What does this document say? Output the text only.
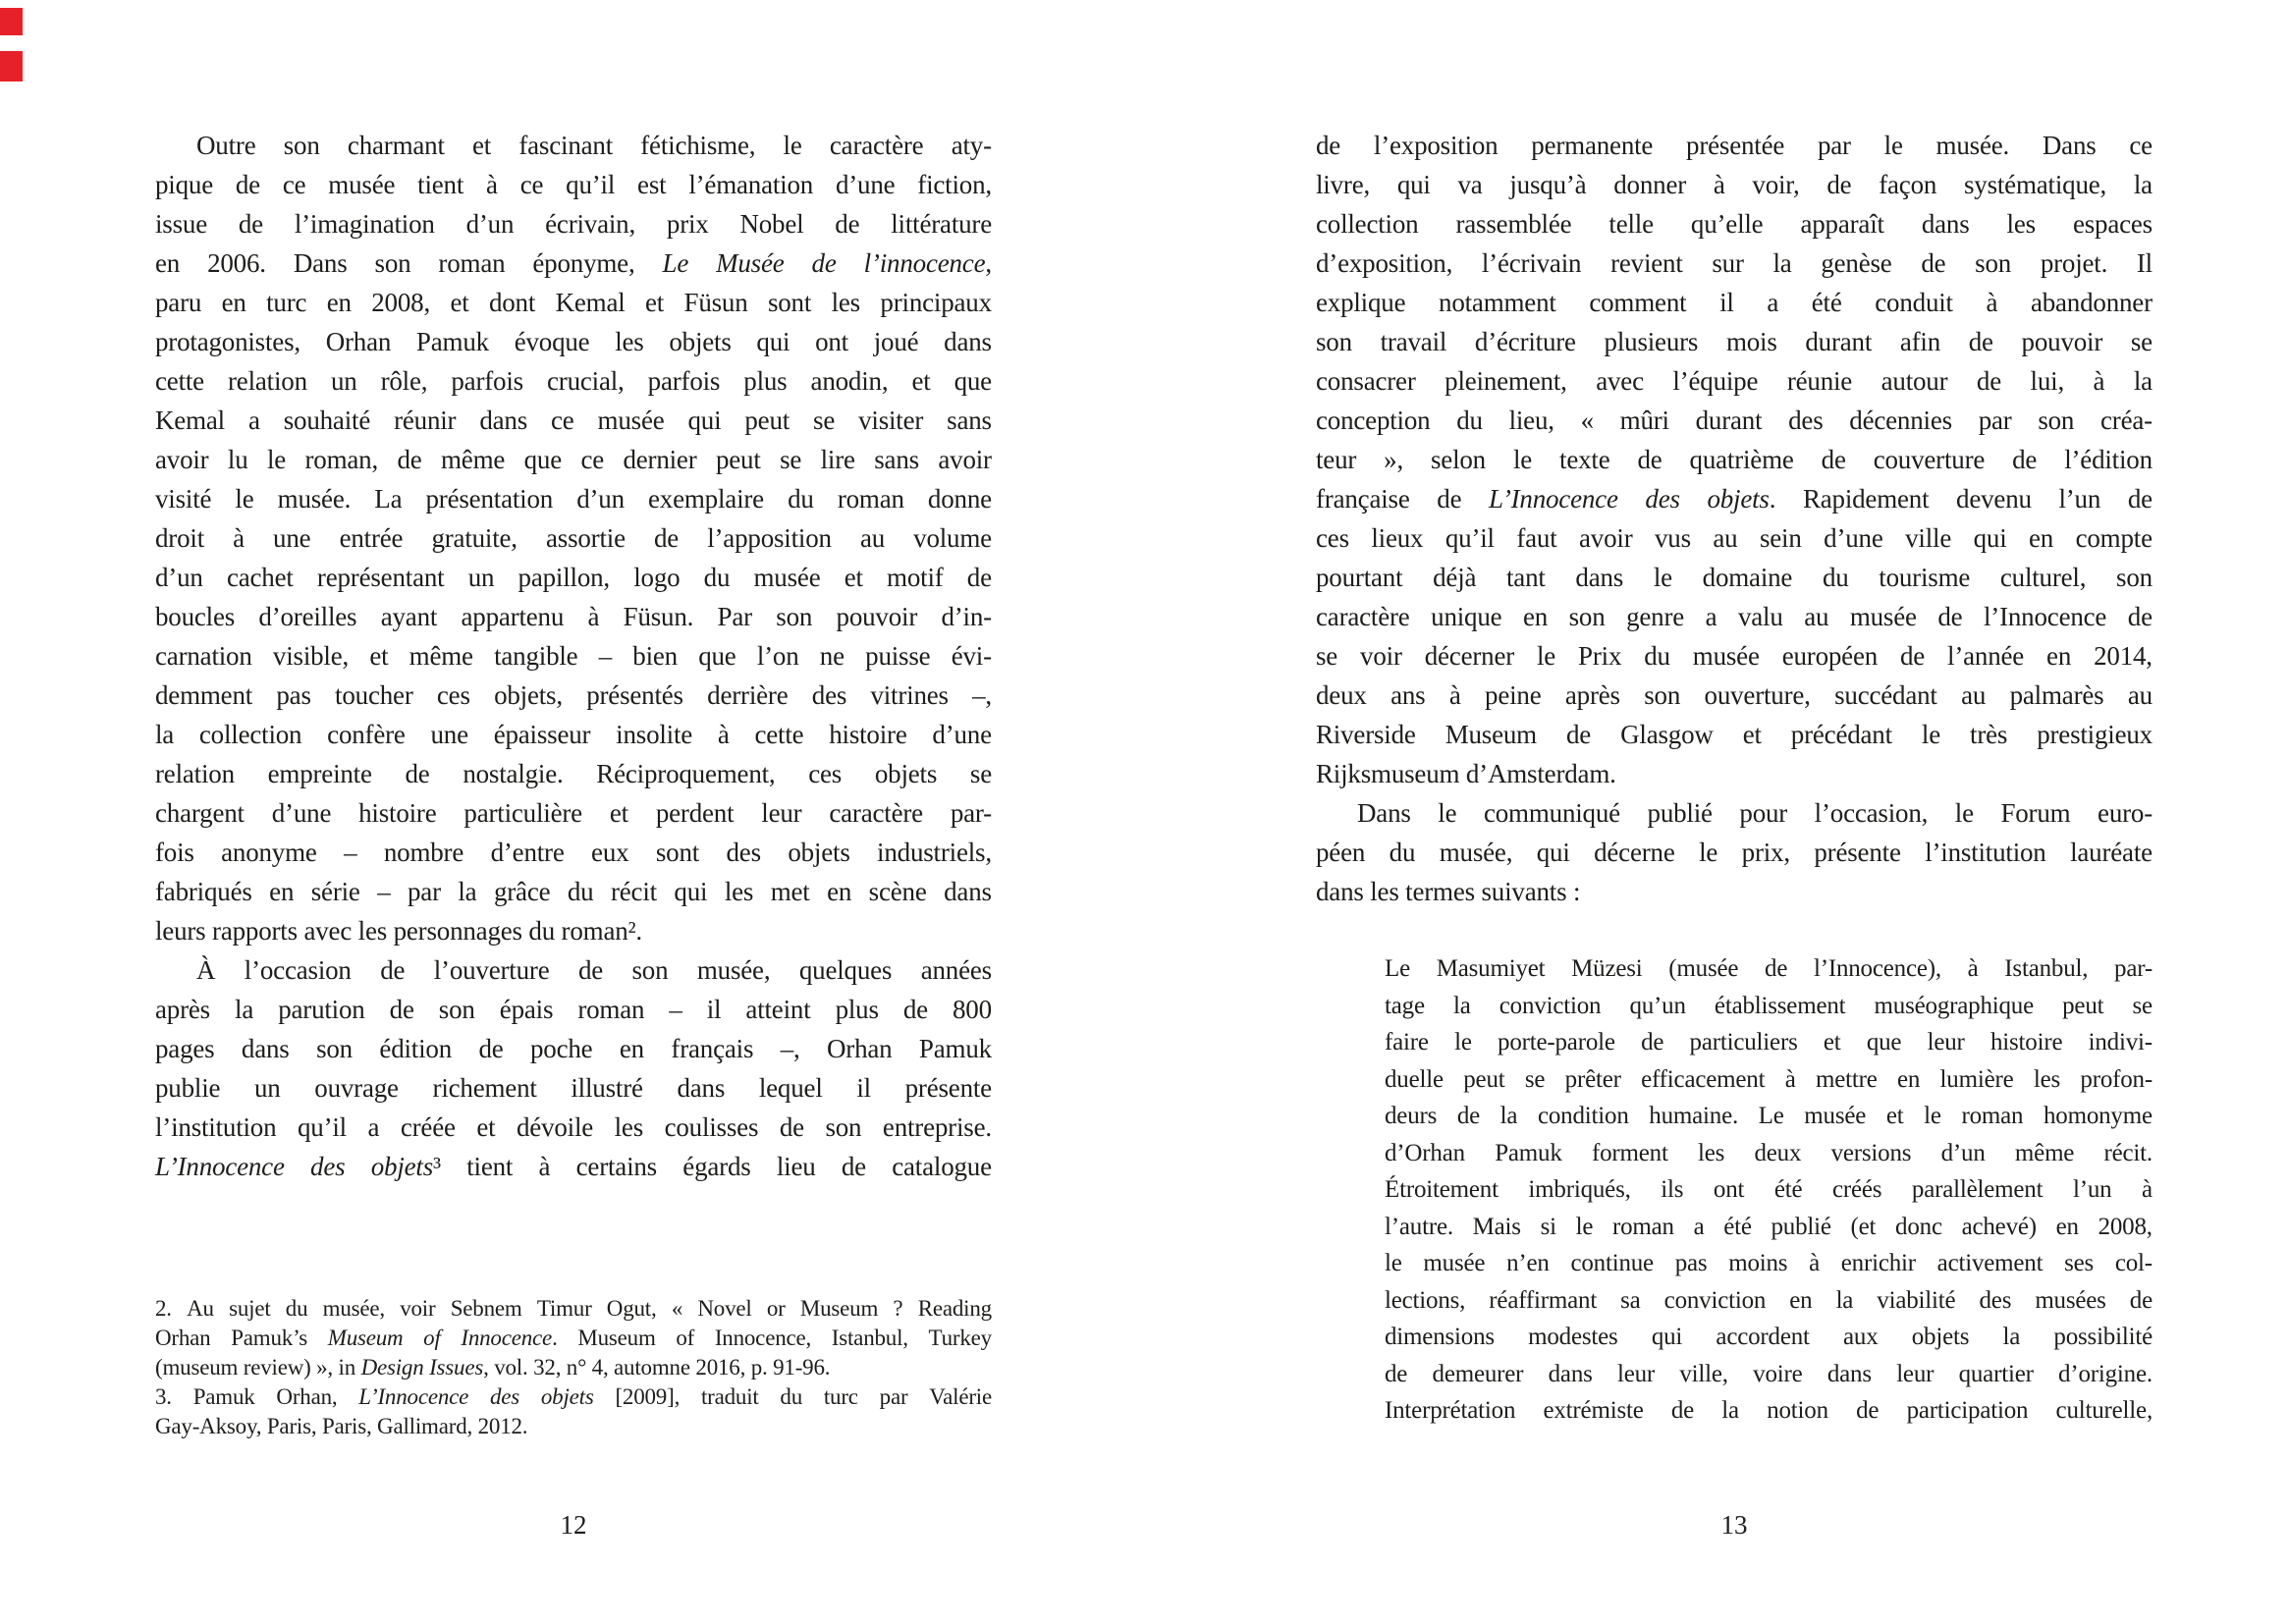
Outre son charmant et fascinant fétichisme, le caractère aty-
pique de ce musée tient à ce qu’il est l’émanation d’une fiction,
issue de l’imagination d’un écrivain, prix Nobel de littérature
en 2006. Dans son roman éponyme, Le Musée de l’innocence,
paru en turc en 2008, et dont Kemal et Füsun sont les principaux
protagonistes, Orhan Pamuk évoque les objets qui ont joué dans
cette relation un rôle, parfois crucial, parfois plus anodin, et que
Kemal a souhaité réunir dans ce musée qui peut se visiter sans
avoir lu le roman, de même que ce dernier peut se lire sans avoir
visité le musée. La présentation d’un exemplaire du roman donne
droit à une entrée gratuite, assortie de l’apposition au volume
d’un cachet représentant un papillon, logo du musée et motif de
boucles d’oreilles ayant appartenu à Füsun. Par son pouvoir d’in-
carnation visible, et même tangible – bien que l’on ne puisse évi-
demment pas toucher ces objets, présentés derrière des vitrines –,
la collection confère une épaisseur insolite à cette histoire d’une
relation empreinte de nostalgie. Réciproquement, ces objets se
chargent d’une histoire particulière et perdent leur caractère par-
fois anonyme – nombre d’entre eux sont des objets industriels,
fabriqués en série – par la grâce du récit qui les met en scène dans
leurs rapports avec les personnages du roman².
À l’occasion de l’ouverture de son musée, quelques années
après la parution de son épais roman – il atteint plus de 800
pages dans son édition de poche en français –, Orhan Pamuk
publie un ouvrage richement illustré dans lequel il présente
l’institution qu’il a créée et dévoile les coulisses de son entreprise.
L’Innocence des objets³ tient à certains égards lieu de catalogue
2. Au sujet du musée, voir Sebnem Timur Ogut, « Novel or Museum ? Reading
Orhan Pamuk’s Museum of Innocence. Museum of Innocence, Istanbul, Turkey
(museum review) », in Design Issues, vol. 32, n° 4, automne 2016, p. 91-96.
3. Pamuk Orhan, L’Innocence des objets [2009], traduit du turc par Valérie
Gay-Aksoy, Paris, Paris, Gallimard, 2012.
12
de l’exposition permanente présentée par le musée. Dans ce
livre, qui va jusqu’à donner à voir, de façon systématique, la
collection rassemblée telle qu’elle apparaît dans les espaces
d’exposition, l’écrivain revient sur la genèse de son projet. Il
explique notamment comment il a été conduit à abandonner
son travail d’écriture plusieurs mois durant afin de pouvoir se
consacrer pleinement, avec l’équipe réunie autour de lui, à la
conception du lieu, « mûri durant des décennies par son créa-
teur », selon le texte de quatrième de couverture de l’édition
française de L’Innocence des objets. Rapidement devenu l’un de
ces lieux qu’il faut avoir vus au sein d’une ville qui en compte
pourtant déjà tant dans le domaine du tourisme culturel, son
caractère unique en son genre a valu au musée de l’Innocence de
se voir décerner le Prix du musée européen de l’année en 2014,
deux ans à peine après son ouverture, succédant au palmarès au
Riverside Museum de Glasgow et précédant le très prestigieux
Rijksmuseum d’Amsterdam.
Dans le communiqué publié pour l’occasion, le Forum euro-
péen du musée, qui décerne le prix, présente l’institution lauréate
dans les termes suivants :
Le Masumiyet Müzesi (musée de l’Innocence), à Istanbul, par-
tage la conviction qu’un établissement muséographique peut se
faire le porte-parole de particuliers et que leur histoire indivi-
duelle peut se prêter efficacement à mettre en lumière les profon-
deurs de la condition humaine. Le musée et le roman homonyme
d’Orhan Pamuk forment les deux versions d’un même récit.
Étroitement imbriqués, ils ont été créés parallèlement l’un à
l’autre. Mais si le roman a été publié (et donc achevé) en 2008,
le musée n’en continue pas moins à enrichir activement ses col-
lections, réaffirmant sa conviction en la viabilité des musées de
dimensions modestes qui accordent aux objets la possibilité
de demeurer dans leur ville, voire dans leur quartier d’origine.
Interprétation extrémiste de la notion de participation culturelle,
13
